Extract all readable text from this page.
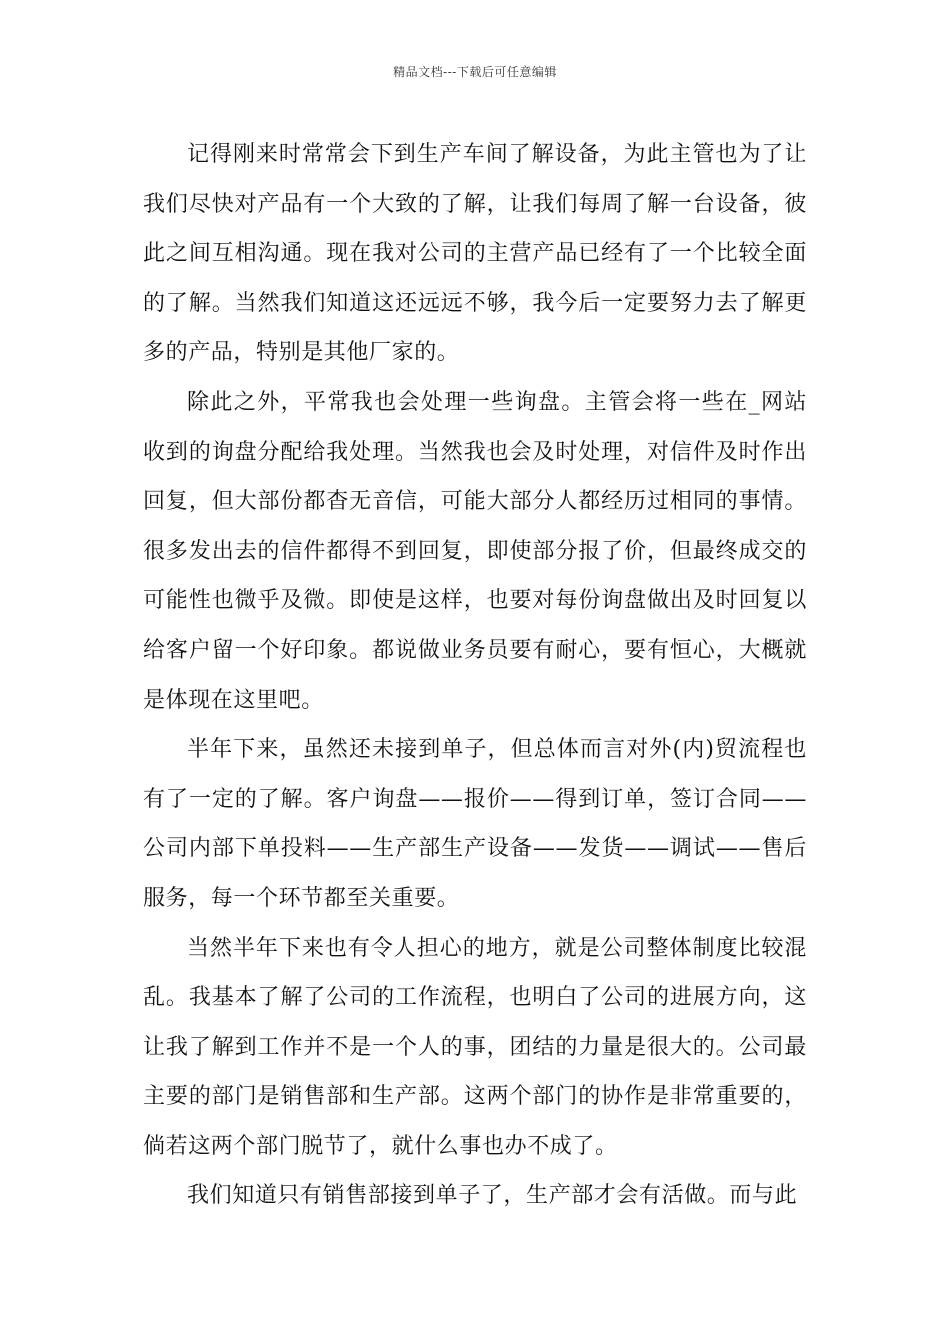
精品文档---下载后可任意编辑

记得刚来时常常会下到生产车间了解设备，为此主管也为了让我们尽快对产品有一个大致的了解，让我们每周了解一台设备，彼此之间互相沟通。现在我对公司的主营产品已经有了一个比较全面的了解。当然我们知道这还远远不够，我今后一定要努力去了解更多的产品，特别是其他厂家的。

除此之外，平常我也会处理一些询盘。主管会将一些在_网站收到的询盘分配给我处理。当然我也会及时处理，对信件及时作出回复，但大部份都杳无音信，可能大部分人都经历过相同的事情。很多发出去的信件都得不到回复，即使部分报了价，但最终成交的可能性也微乎及微。即使是这样，也要对每份询盘做出及时回复以给客户留一个好印象。都说做业务员要有耐心，要有恒心，大概就是体现在这里吧。

半年下来，虽然还未接到单子，但总体而言对外(内)贸流程也有了一定的了解。客户询盘——报价——得到订单，签订合同——公司内部下单投料——生产部生产设备——发货——调试——售后服务，每一个环节都至关重要。

当然半年下来也有令人担心的地方，就是公司整体制度比较混乱。我基本了解了公司的工作流程，也明白了公司的进展方向，这让我了解到工作并不是一个人的事，团结的力量是很大的。公司最主要的部门是销售部和生产部。这两个部门的协作是非常重要的，倘若这两个部门脱节了，就什么事也办不成了。

我们知道只有销售部接到单子了，生产部才会有活做。而与此
